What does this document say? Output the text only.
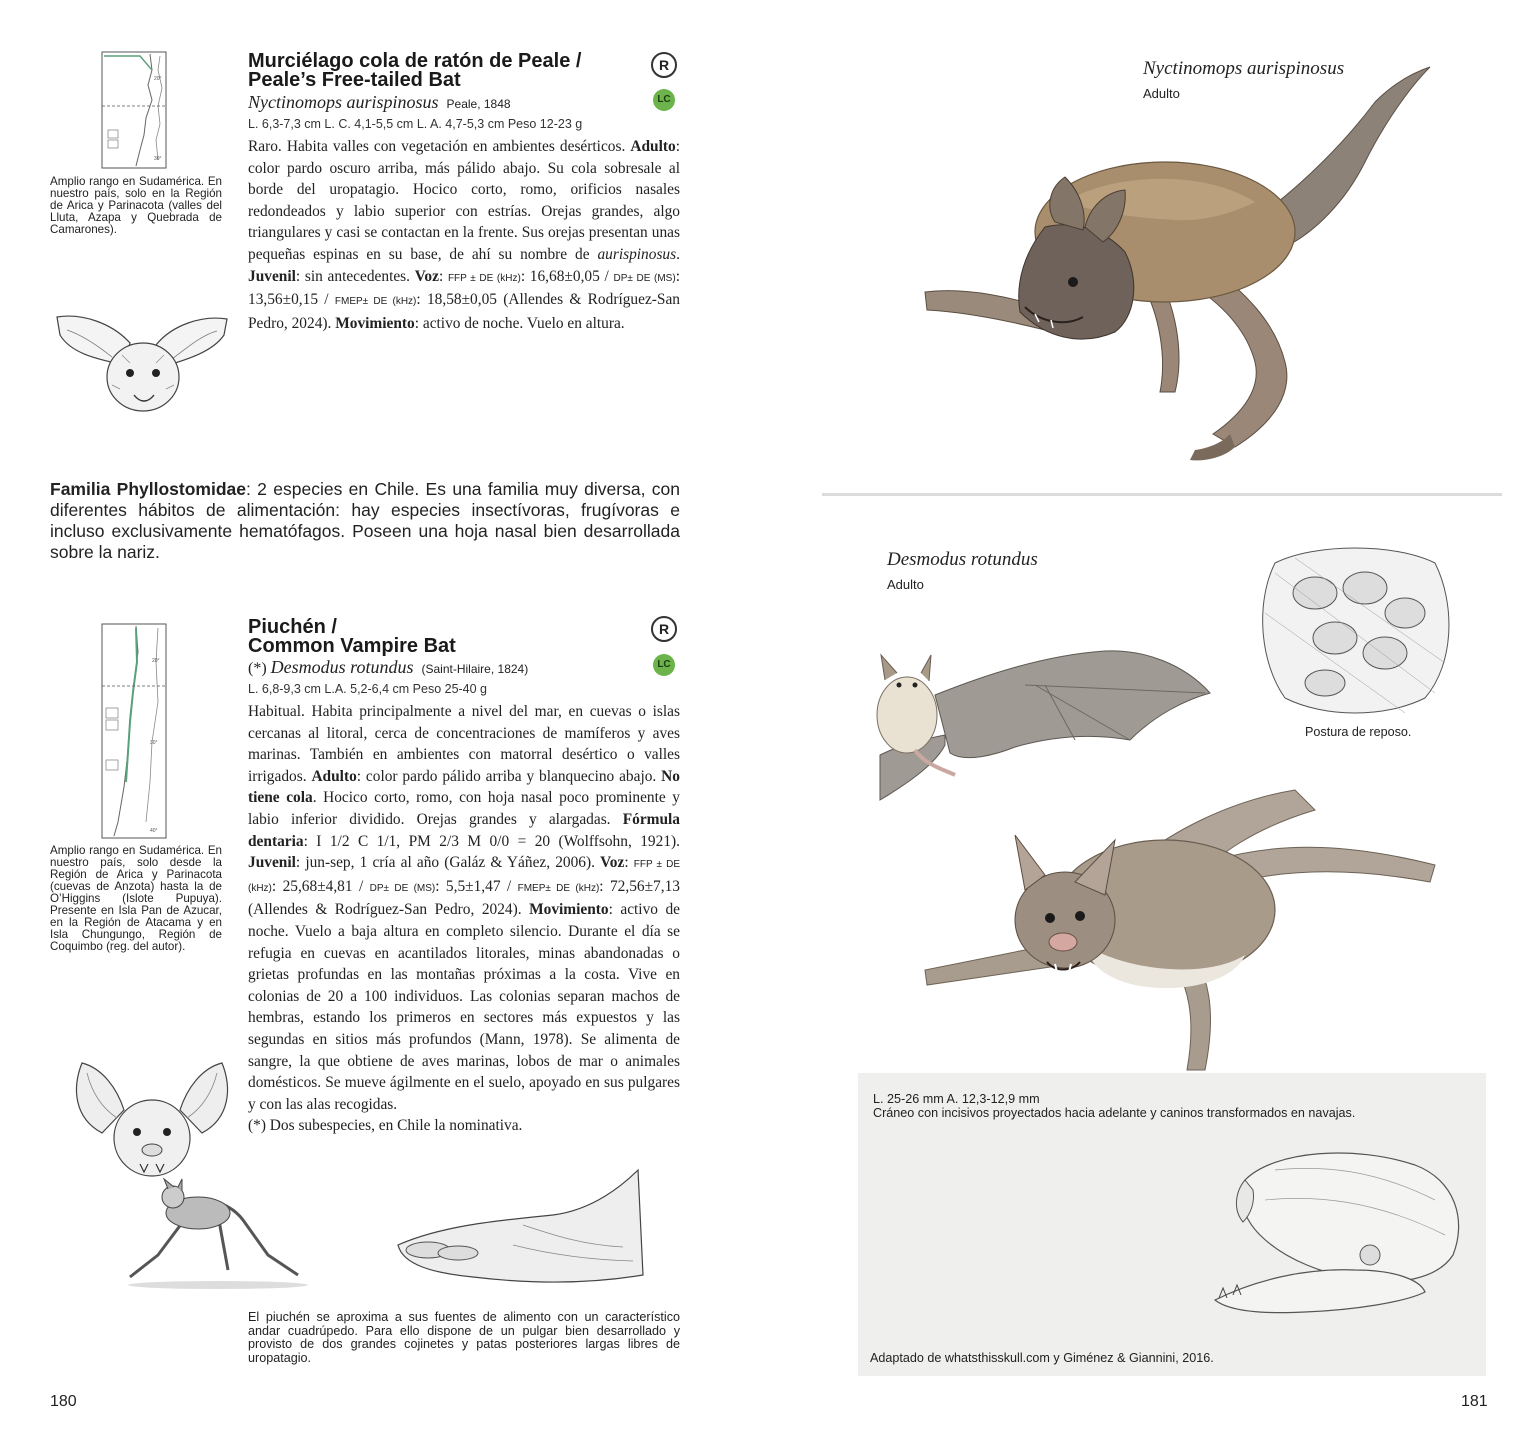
20°
30°
Amplio rango en Sudamérica. En nuestro país, solo en la Región de Arica y Parinacota (valles del Lluta, Azapa y Quebrada de Camarones).
Murciélago cola de ratón de Peale /
Peale’s Free-tailed Bat
R
LC
Nyctinomops aurispinosus Peale, 1848
L. 6,3-7,3 cm L. C. 4,1-5,5 cm L. A. 4,7-5,3 cm Peso 12-23 g
Raro. Habita valles con vegetación en ambientes desérticos. Adulto: color pardo oscuro arriba, más pálido abajo. Su cola sobresale al borde del uropatagio. Hocico corto, romo, orificios nasales redondeados y labio superior con estrías. Orejas grandes, algo triangulares y casi se contactan en la frente. Sus orejas presentan unas pequeñas espinas en su base, de ahí su nombre de aurispinosus. Juvenil: sin antecedentes. Voz: FFP ± DE (kHz): 16,68±0,05 / DP± DE (MS): 13,56±0,15 / FMEP± DE (kHz): 18,58±0,05 (Allendes & Rodríguez-San Pedro, 2024). Movimiento: activo de noche. Vuelo en altura.
Familia Phyllostomidae: 2 especies en Chile. Es una familia muy diversa, con diferentes hábitos de alimentación: hay especies insectívoras, frugívoras e incluso exclusivamente hematófagos. Poseen una hoja nasal bien desarrollada sobre la nariz.
20°
30°
40°
Amplio rango en Sudamérica. En nuestro país, solo desde la Región de Arica y Parinacota (cuevas de Anzota) hasta la de O’Higgins (Islote Pupuya). Presente en Isla Pan de Azucar, en la Región de Atacama y en Isla Chungungo, Región de Coquimbo (reg. del autor).
Piuchén /
Common Vampire Bat
R
LC
(*) Desmodus rotundus (Saint-Hilaire, 1824)
L. 6,8-9,3 cm L.A. 5,2-6,4 cm Peso 25-40 g
Habitual. Habita principalmente a nivel del mar, en cuevas o islas cercanas al litoral, cerca de concentraciones de mamíferos y aves marinas. También en ambientes con matorral desértico o valles irrigados. Adulto: color pardo pálido arriba y blanquecino abajo. No tiene cola. Hocico corto, romo, con hoja nasal poco prominente y labio inferior dividido. Orejas grandes y alargadas. Fórmula dentaria: I 1/2 C 1/1, PM 2/3 M 0/0 = 20 (Wolffsohn, 1921). Juvenil: jun-sep, 1 cría al año (Galáz & Yáñez, 2006). Voz: FFP ± DE (kHz): 25,68±4,81 / DP± DE (MS): 5,5±1,47 / FMEP± DE (kHz): 72,56±7,13 (Allendes & Rodríguez-San Pedro, 2024). Movimiento: activo de noche. Vuelo a baja altura en completo silencio. Durante el día se refugia en cuevas en acantilados litorales, minas abandonadas o grietas profundas en las montañas próximas a la costa. Vive en colonias de 20 a 100 individuos. Las colonias separan machos de hembras, estando los primeros en sectores más expuestos y las segundas en sitios más profundos (Mann, 1978). Se alimenta de sangre, la que obtiene de aves marinas, lobos de mar o animales domésticos. Se mueve ágilmente en el suelo, apoyado en sus pulgares y con las alas recogidas.
(*) Dos subespecies, en Chile la nominativa.
El piuchén se aproxima a sus fuentes de alimento con un característico andar cuadrúpedo. Para ello dispone de un pulgar bien desarrollado y provisto de dos grandes cojinetes y patas posteriores largas libres de uropatagio.
180
Nyctinomops aurispinosus
Adulto
Desmodus rotundus
Adulto
Postura de reposo.
L. 25-26 mm A. 12,3-12,9 mm
Cráneo con incisivos proyectados hacia adelante y caninos transformados en navajas.
Adaptado de whatsthisskull.com y Giménez & Giannini, 2016.
181
